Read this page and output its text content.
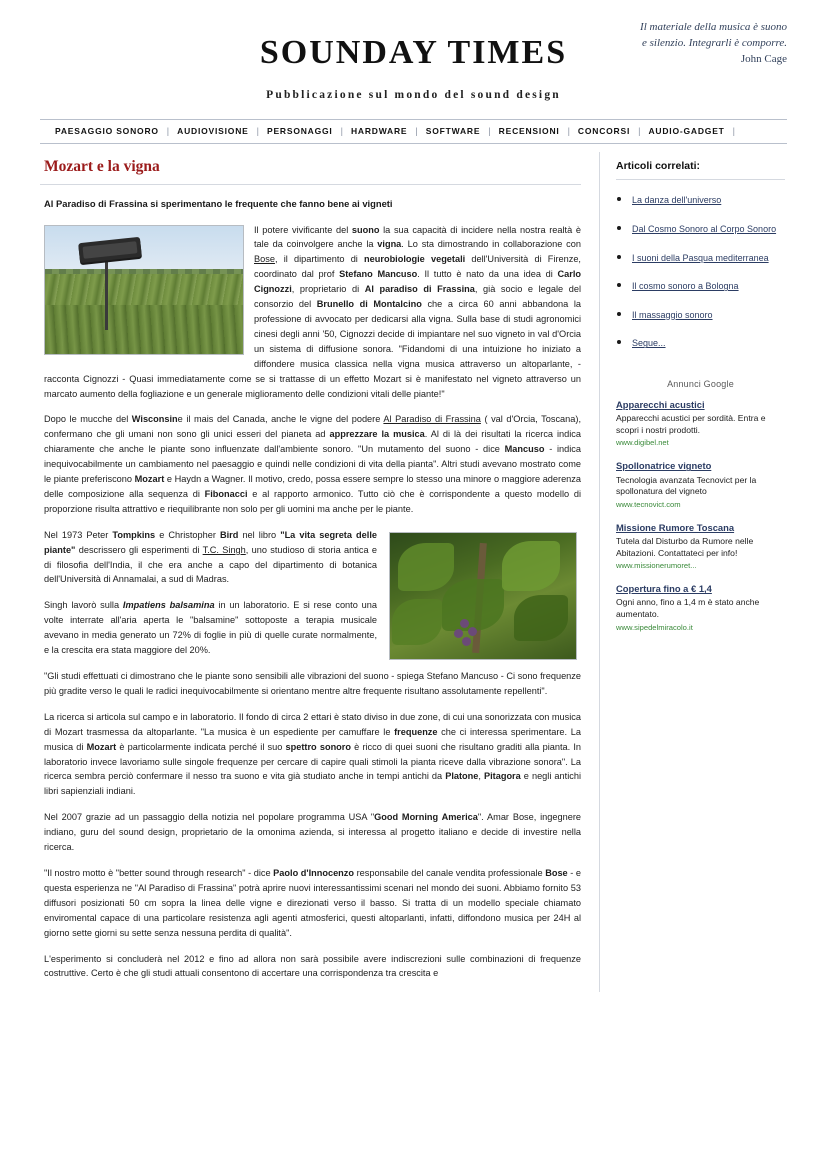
SOUNDAY TIMES
Pubblicazione sul mondo del sound design
Il materiale della musica è suono
e silenzio. Integrarli è comporre.
John Cage
PAESAGGIO SONORO | AUDIOVISIONE | PERSONAGGI | HARDWARE | SOFTWARE | RECENSIONI | CONCORSI | AUDIO-GADGET |
Mozart e la vigna
Al Paradiso di Frassina si sperimentano le frequente che fanno bene ai vigneti

Il potere vivificante del suono la sua capacità di incidere nella nostra realtà è tale da coinvolgere anche la vigna. Lo sta dimostrando in collaborazione con Bose, il dipartimento di neurobiologie vegetali dell'Università di Firenze, coordinato dal prof Stefano Mancuso. Il tutto è nato da una idea di Carlo Cignozzi, proprietario di Al paradiso di Frassina, già socio e legale del consorzio del Brunello di Montalcino che a circa 60 anni abbandona la professione di avvocato per dedicarsi alla vigna. Sulla base di studi agronomici cinesi degli anni '50, Cignozzi decide di impiantare nel suo vigneto in val d'Orcia un sistema di diffusione sonora. "Fidandomi di una intuizione ho iniziato a diffondere musica classica nella vigna musica attraverso un altoparlante, - racconta Cignozzi - Quasi immediatamente come se si trattasse di un effetto Mozart si è manifestato nel vigneto attraverso un marcato aumento della fogliazione e un generale miglioramento delle condizioni vitali delle piante!"

Dopo le mucche del Wisconsine il mais del Canada, anche le vigne del podere Al Paradiso di Frassina ( val d'Orcia, Toscana), confermano che gli umani non sono gli unici esseri del pianeta ad apprezzare la musica. Al di là dei risultati la ricerca indica chiaramente che anche le piante sono influenzate dall'ambiente sonoro. "Un mutamento del suono - dice Mancuso - indica inequivocabilmente un cambiamento nel paesaggio e quindi nelle condizioni di vita della pianta". Altri studi avevano mostrato come le piante preferiscono Mozart e Haydn a Wagner. Il motivo, credo, possa essere sempre lo stesso una minore o maggiore aderenza delle composizione alla sequenza di Fibonacci e al rapporto armonico. Tutto ciò che è corrispondente a questo modello di proporzione risulta attrattivo e riequilibrante non solo per gli uomini ma anche per le piante.

Nel 1973 Peter Tompkins e Christopher Bird nel libro "La vita segreta delle piante" descrissero gli esperimenti di T.C. Singh, uno studioso di storia antica e di filosofia dell'India, il che era anche a capo del dipartimento di botanica dell'Università di Annamalai, a sud di Madras.

Singh lavorò sulla Impatiens balsamina in un laboratorio. E si rese conto una volte interrate all'aria aperta le "balsamine" sottoposte a terapia musicale avevano in media generato un 72% di foglie in più di quelle curate normalmente, e la crescita era stata maggiore del 20%.

"Gli studi effettuati ci dimostrano che le piante sono sensibili alle vibrazioni del suono - spiega Stefano Mancuso - Ci sono frequenze più gradite verso le quali le radici inequivocabilmente si orientano mentre altre frequente risultano assolutamente repellenti".

La ricerca si articola sul campo e in laboratorio. Il fondo di circa 2 ettari è stato diviso in due zone, di cui una sonorizzata con musica di Mozart trasmessa da altoparlante. "La musica è un espediente per camuffare le frequenze che ci interessa sperimentare. La musica di Mozart è particolarmente indicata perché il suo spettro sonoro è ricco di quei suoni che risultano graditi alla pianta. In laboratorio invece lavoriamo sulle singole frequenze per cercare di capire quali stimoli la pianta riceve dalla vibrazione sonora". La ricerca sembra perciò confermare il nesso tra suono e vita già studiato anche in tempi antichi da Platone, Pitagora e negli antichi libri sapienziali indiani.

Nel 2007 grazie ad un passaggio della notizia nel popolare programma USA "Good Morning America". Amar Bose, ingegnere indiano, guru del sound design, proprietario de la omonima azienda, si interessa al progetto italiano e decide di investire nella ricerca.

"Il nostro motto è "better sound through research" - dice Paolo d'Innocenzo responsabile del canale vendita professionale Bose - e questa esperienza ne "Al Paradiso di Frassina" potrà aprire nuovi interessantissimi scenari nel mondo dei suoni. Abbiamo fornito 53 diffusori posizionati 50 cm sopra la linea delle vigne e direzionati verso il basso. Si tratta di un modello speciale chiamato enviromental capace di una particolare resistenza agli agenti atmosferici, questi altoparlanti, infatti, diffondono musica per 24H al giorno sette giorni su sette senza nessuna perdita di qualità".

L'esperimento si concluderà nel 2012 e fino ad allora non sarà possibile avere indiscrezioni sulle combinazioni di frequenze costruttive. Certo è che gli studi attuali consentono di accertare una corrispondenza tra crescita e

Articoli correlati:
• La danza dell'universo
• Dal Cosmo Sonoro al Corpo Sonoro
• I suoni della Pasqua mediterranea
• Il cosmo sonoro a Bologna
• Il massaggio sonoro
• Segue...
Annunci Google
Apparecchi acustici
Apparecchi acustici per sordità. Entra e scopri i nostri prodotti.
www.digibel.net
Spollonatrice vigneto
Tecnologia avanzata Tecnovict per la spollonatura del vigneto
www.tecnovict.com
Missione Rumore Toscana
Tutela dal Disturbo da Rumore nelle Abitazioni. Contattateci per info!
www.missionerumoret...
Copertura fino a € 1,4
Ogni anno, fino a 1,4 m è stato anche aumentato.
www.sipedelmiracolo.it
